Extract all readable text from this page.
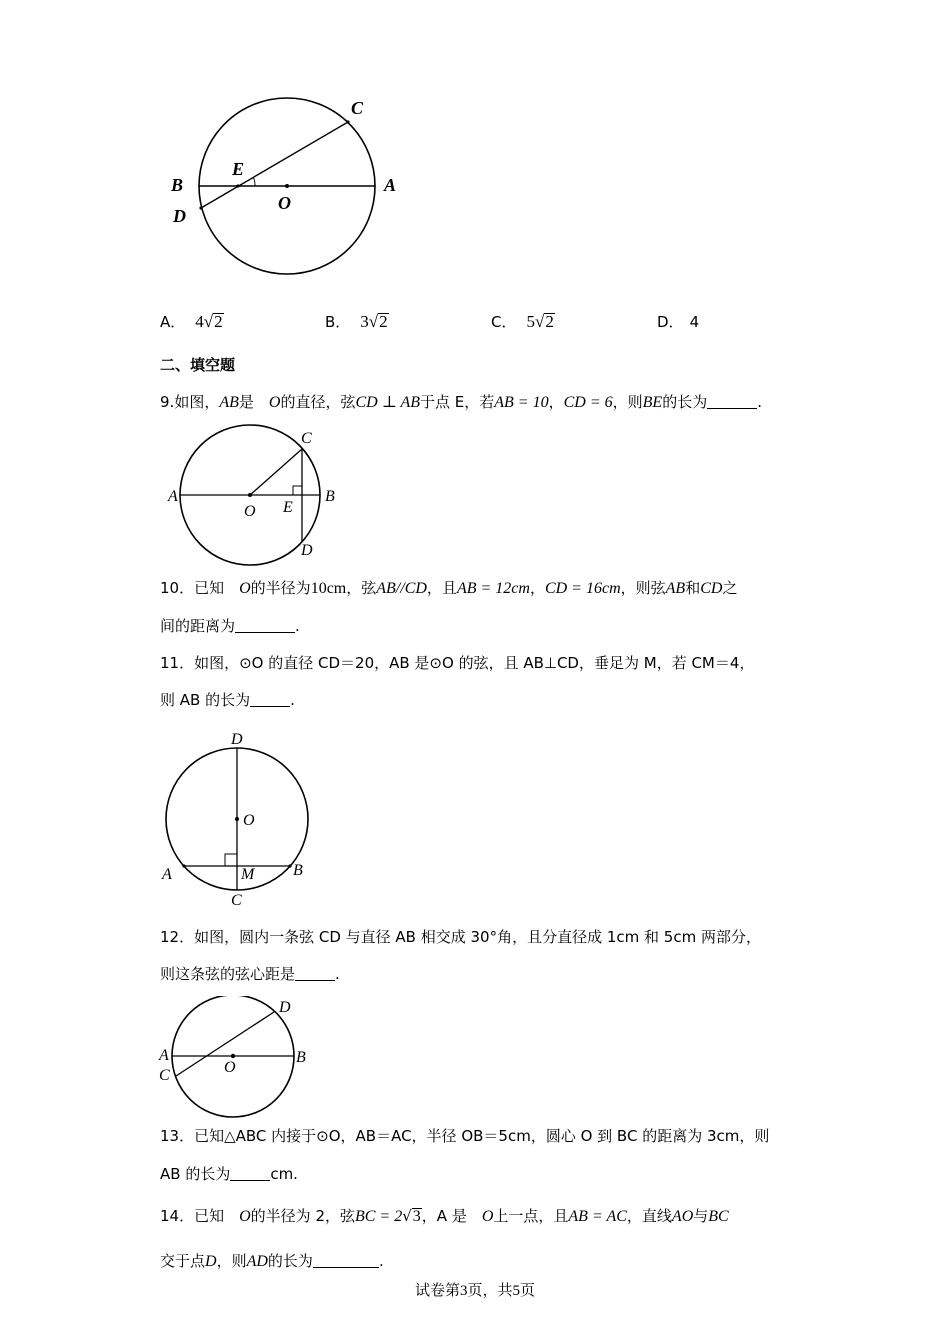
C
E
B	A
D
O
A． 4√2	B． 3√2	C． 5√2	D． 4
二、填空题
9.如图，AB是　O的直径，弦CD ⊥ AB于点 E，若AB = 10，CD = 6，则BE的长为	.
A	B
C
D
O E
10．已知　O的半径为10cm，弦AB//CD，且AB = 12cm，CD = 16cm，则弦AB和CD之
间的距离为	.
11．如图，⊙O 的直径 CD＝20，AB 是⊙O 的弦，且 AB⊥CD，垂足为 M，若 CM＝4，
则 AB 的长为	.
D
O
A	M B
C
12．如图，圆内一条弦 CD 与直径 AB 相交成 30°角，且分直径成 1cm 和 5cm 两部分，
则这条弦的弦心距是	.
D
A	B
C	O
13．已知△ABC 内接于⊙O，AB＝AC，半径 OB＝5cm，圆心 O 到 BC 的距离为 3cm，则
AB 的长为	cm.
14．已知　O的半径为 2，弦BC = 2√3，A 是　O上一点，且AB = AC，直线AO与BC
交于点D，则AD的长为	.
试卷第3页，共5页
